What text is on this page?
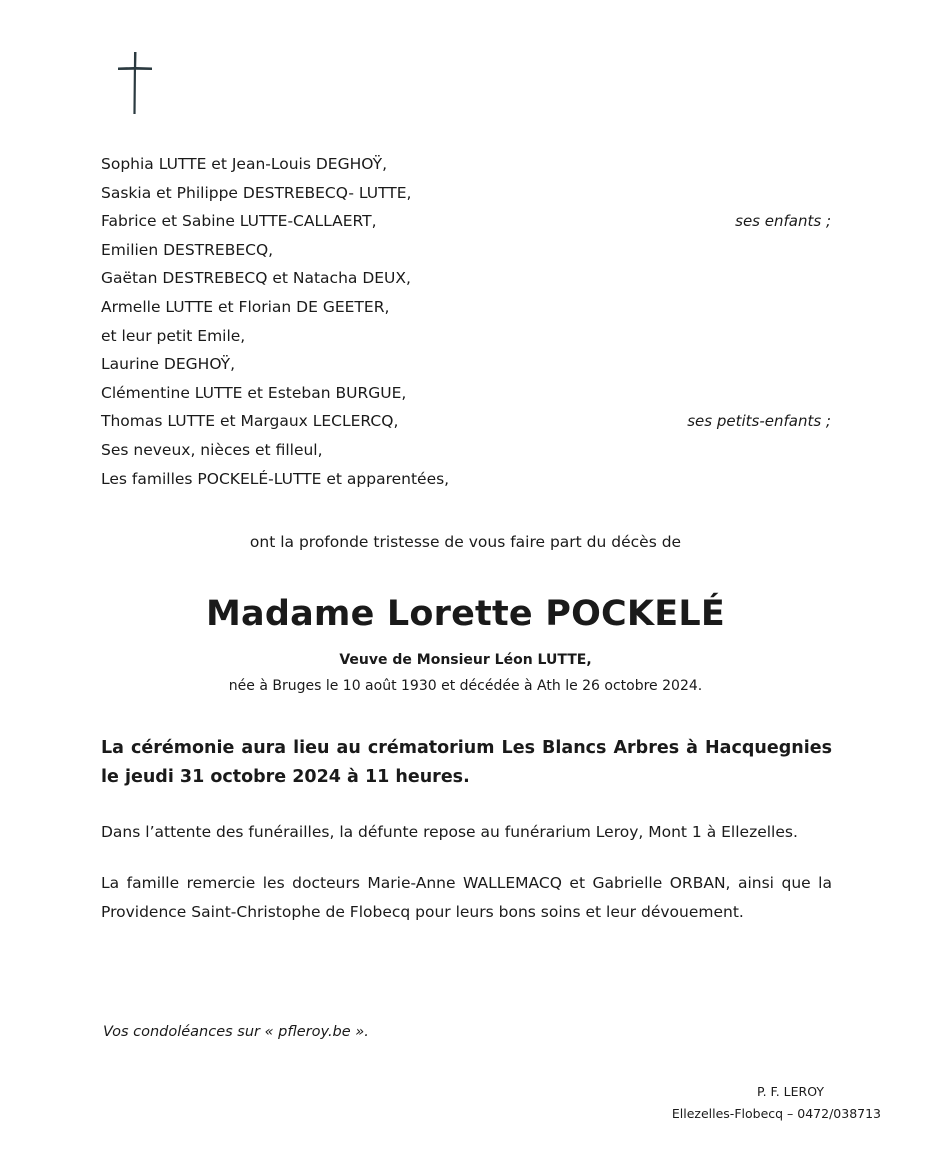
Sophia LUTTE et Jean-Louis DEGHOŸ,
Saskia et Philippe DESTREBECQ- LUTTE,
Fabrice et Sabine LUTTE-CALLAERT,	ses enfants ;
Emilien DESTREBECQ,
Gaëtan DESTREBECQ et Natacha DEUX,
Armelle LUTTE et Florian DE GEETER,
et leur petit Emile,
Laurine DEGHOŸ,
Clémentine LUTTE et Esteban BURGUE,
Thomas LUTTE et Margaux LECLERCQ,	ses petits-enfants ;
Ses neveux, nièces et filleul,
Les familles POCKELÉ-LUTTE et apparentées,
ont la profonde tristesse de vous faire part du décès de
Madame Lorette POCKELÉ
Veuve de Monsieur Léon LUTTE,
née à Bruges le 10 août 1930 et décédée à Ath le 26 octobre 2024.
La cérémonie aura lieu au crématorium Les Blancs Arbres à Hacquegnies le jeudi 31 octobre 2024 à 11 heures.
Dans l’attente des funérailles, la défunte repose au funérarium Leroy, Mont 1 à Ellezelles.
La famille remercie les docteurs Marie-Anne WALLEMACQ et Gabrielle ORBAN, ainsi que la Providence Saint-Christophe de Flobecq pour leurs bons soins et leur dévouement.
Vos condoléances sur « pfleroy.be ».
P. F. LEROY
Ellezelles-Flobecq – 0472/038713
